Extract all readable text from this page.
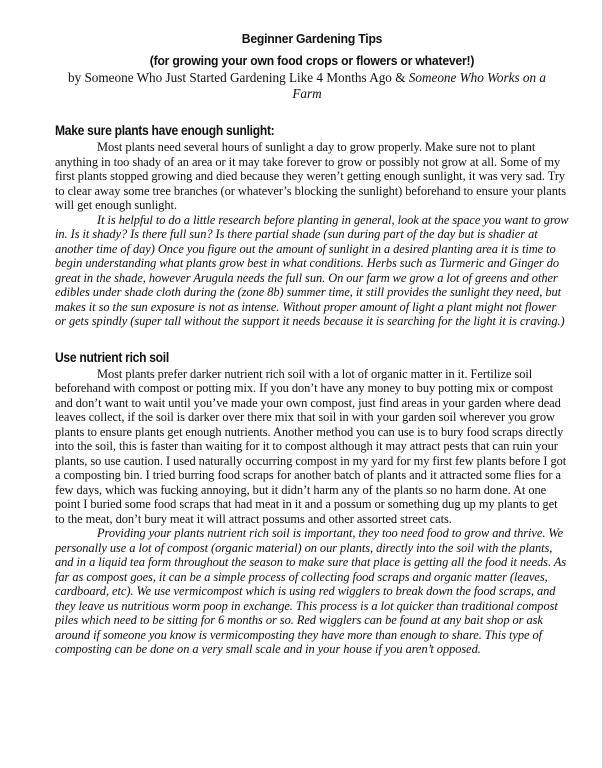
Beginner Gardening Tips
(for growing your own food crops or flowers or whatever!)

by Someone Who Just Started Gardening Like 4 Months Ago & Someone Who Works on a Farm

Make sure plants have enough sunlight:

Most plants need several hours of sunlight a day to grow properly. Make sure not to plant anything in too shady of an area or it may take forever to grow or possibly not grow at all. Some of my first plants stopped growing and died because they weren’t getting enough sunlight, it was very sad. Try to clear away some tree branches (or whatever’s blocking the sunlight) beforehand to ensure your plants will get enough sunlight.

It is helpful to do a little research before planting in general, look at the space you want to grow in. Is it shady? Is there full sun? Is there partial shade (sun during part of the day but is shadier at another time of day) Once you figure out the amount of sunlight in a desired planting area it is time to begin understanding what plants grow best in what conditions. Herbs such as Turmeric and Ginger do great in the shade, however Arugula needs the full sun. On our farm we grow a lot of greens and other edibles under shade cloth during the (zone 8b) summer time, it still provides the sunlight they need, but makes it so the sun exposure is not as intense. Without proper amount of light a plant might not flower or gets spindly (super tall without the support it needs because it is searching for the light it is craving.)

Use nutrient rich soil

Most plants prefer darker nutrient rich soil with a lot of organic matter in it. Fertilize soil beforehand with compost or potting mix. If you don’t have any money to buy potting mix or compost and don’t want to wait until you’ve made your own compost, just find areas in your garden where dead leaves collect, if the soil is darker over there mix that soil in with your garden soil wherever you grow plants to ensure plants get enough nutrients. Another method you can use is to bury food scraps directly into the soil, this is faster than waiting for it to compost although it may attract pests that can ruin your plants, so use caution. I used naturally occurring compost in my yard for my first few plants before I got a composting bin. I tried burring food scraps for another batch of plants and it attracted some flies for a few days, which was fucking annoying, but it didn’t harm any of the plants so no harm done. At one point I buried some food scraps that had meat in it and a possum or something dug up my plants to get to the meat, don’t bury meat it will attract possums and other assorted street cats.

Providing your plants nutrient rich soil is important, they too need food to grow and thrive. We personally use a lot of compost (organic material) on our plants, directly into the soil with the plants, and in a liquid tea form throughout the season to make sure that place is getting all the food it needs. As far as compost goes, it can be a simple process of collecting food scraps and organic matter (leaves, cardboard, etc). We use vermicompost which is using red wigglers to break down the food scraps, and they leave us nutritious worm poop in exchange. This process is a lot quicker than traditional compost piles which need to be sitting for 6 months or so. Red wigglers can be found at any bait shop or ask around if someone you know is vermicomposting they have more than enough to share. This type of composting can be done on a very small scale and in your house if you aren’t opposed.
